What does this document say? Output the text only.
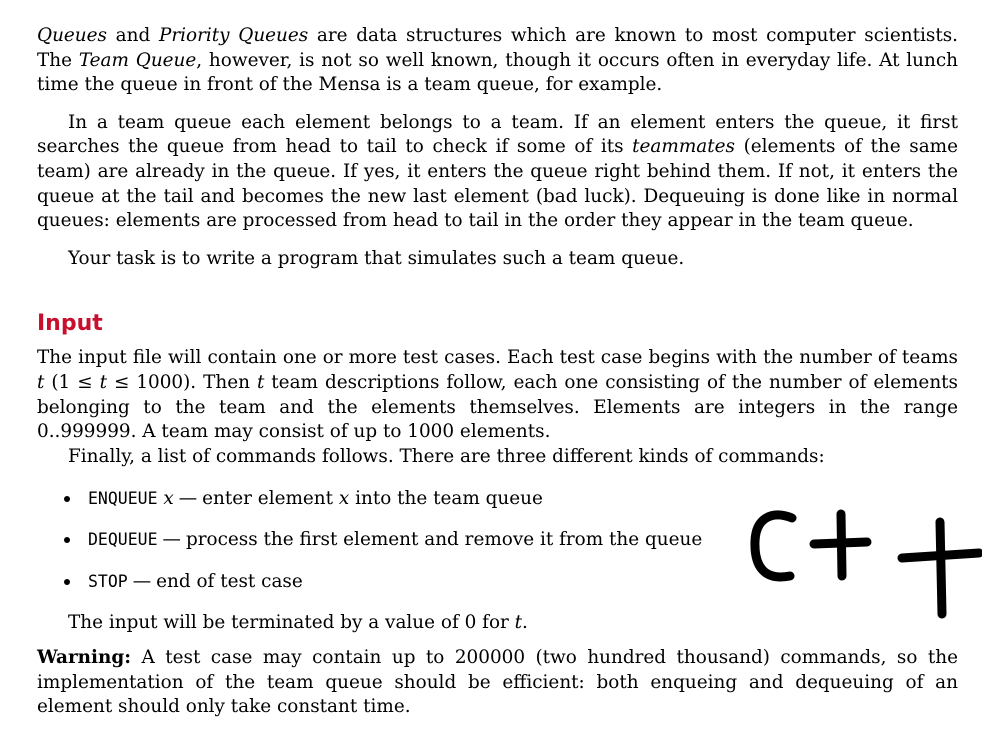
Queues and Priority Queues are data structures which are known to most computer scientists. The Team Queue, however, is not so well known, though it occurs often in everyday life. At lunch time the queue in front of the Mensa is a team queue, for example.

In a team queue each element belongs to a team. If an element enters the queue, it first searches the queue from head to tail to check if some of its teammates (elements of the same team) are already in the queue. If yes, it enters the queue right behind them. If not, it enters the queue at the tail and becomes the new last element (bad luck). Dequeuing is done like in normal queues: elements are processed from head to tail in the order they appear in the team queue.

Your task is to write a program that simulates such a team queue.

Input

The input file will contain one or more test cases. Each test case begins with the number of teams t (1 ≤ t ≤ 1000). Then t team descriptions follow, each one consisting of the number of elements belonging to the team and the elements themselves. Elements are integers in the range 0..999999. A team may consist of up to 1000 elements.

Finally, a list of commands follows. There are three different kinds of commands:

ENQUEUE x — enter element x into the team queue
DEQUEUE — process the first element and remove it from the queue
STOP — end of test case

The input will be terminated by a value of 0 for t.

Warning: A test case may contain up to 200000 (two hundred thousand) commands, so the implementation of the team queue should be efficient: both enqueing and dequeuing of an element should only take constant time.
